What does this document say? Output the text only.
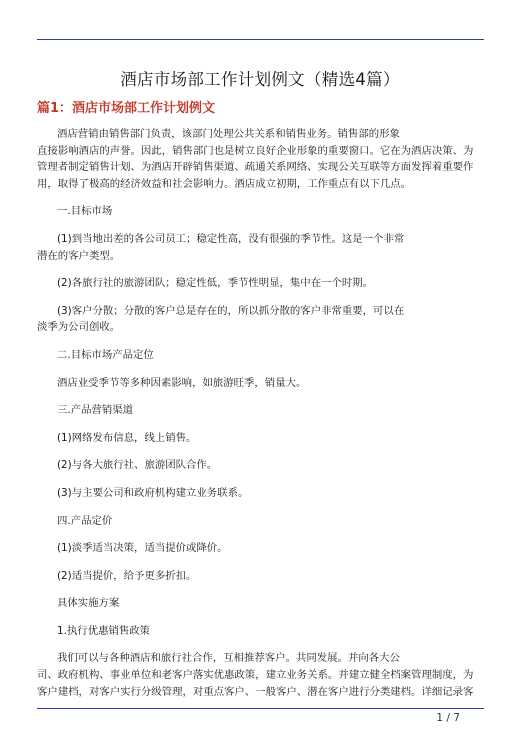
酒店市场部工作计划例文（精选4篇）
篇1：酒店市场部工作计划例文
酒店营销由销售部门负责，该部门处理公共关系和销售业务。销售部的形象
直接影响酒店的声誉。因此，销售部门也是树立良好企业形象的重要窗口。它在为酒店决策、为
管理者制定销售计划、为酒店开辟销售渠道、疏通关系网络、实现公关互联等方面发挥着重要作
用，取得了极高的经济效益和社会影响力。酒店成立初期，工作重点有以下几点。
一.目标市场
(1)到当地出差的各公司员工；稳定性高，没有很强的季节性。这是一个非常
潜在的客户类型。
(2)各旅行社的旅游团队；稳定性低，季节性明显，集中在一个时期。
(3)客户分散；分散的客户总是存在的，所以抓分散的客户非常重要，可以在
淡季为公司创收。
二.目标市场产品定位
酒店业受季节等多种因素影响，如旅游旺季，销量大。
三.产品营销渠道
(1)网络发布信息，线上销售。
(2)与各大旅行社、旅游团队合作。
(3)与主要公司和政府机构建立业务联系。
四.产品定价
(1)淡季适当决策，适当提价或降价。
(2)适当提价，给予更多折扣。
具体实施方案
1.执行优惠销售政策
我们可以与各种酒店和旅行社合作，互相推荐客户。共同发展。并向各大公
司、政府机构、事业单位和老客户落实优惠政策，建立业务关系。并建立健全档案管理制度，为
客户建档，对客户实行分级管理，对重点客户、一般客户、潜在客户进行分类建档。详细记录客
1 / 7
